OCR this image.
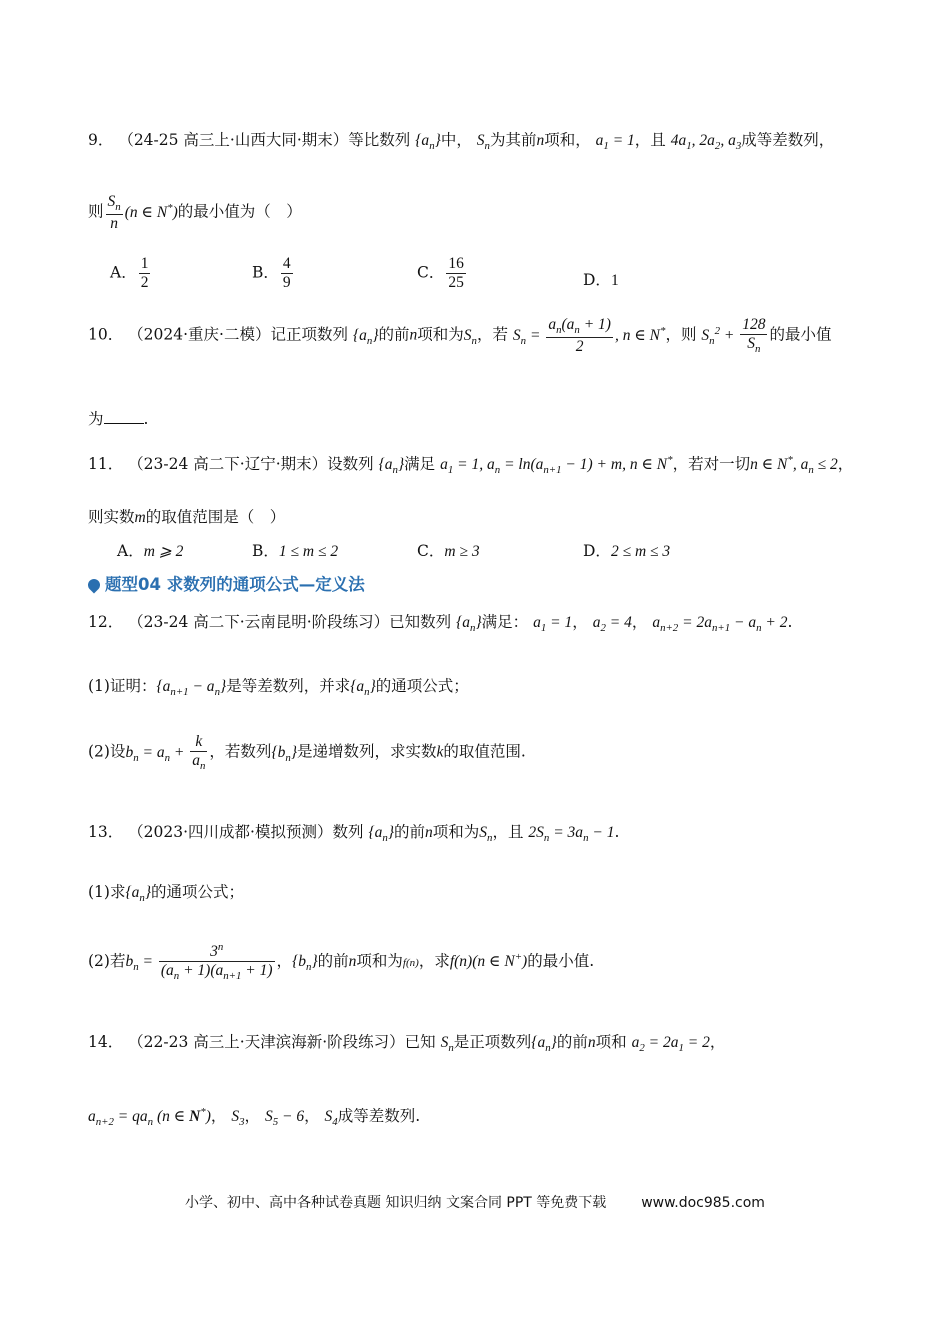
9． （24-25 高三上·山西大同·期末）等比数列 $\{a_n\}$中， $S_n$为其前n项和， $a_1 = 1$，且 $4a_1$, $2a_2$, $a_3$成等差数列，
则 $\frac{S_n}{n} (n$ ∈ N*)的最小值为（　）
A． $\frac{1}{2}$	B． $\frac{4}{9}$	C． $\frac{16}{25}$	D．1
10． （2024·重庆·二模）记正项数列 $\{a_n\}$的前n项和为$S_n$，若 $S_n = \frac{a_n(a_n + 1)}{2}$ , n ∈ N*，则 $S_n^2 + \frac{128}{S_n}$ 的最小值
为	.
11． （23-24 高二下·辽宁·期末）设数列 $\{a_n\}$满足 $a_1 = 1$, $a_n = \ln(a_{n+1} - 1) + m$, n ∈ N*，若对一切n ∈ N*, $a_n \le 2$，
则实数m的取值范围是（　）
A．m ⩾ 2	B．1 ≤ m ≤ 2	C．m ≥ 3	D．2 ≤ m ≤ 3
题型04 求数列的通项公式—定义法
12． （23-24 高二下·云南昆明·阶段练习）已知数列 $\{a_n\}$满足： $a_1 = 1$， $a_2 = 4$， $a_{n+2} = 2a_{n+1} - a_n + 2$.
(1)证明：$\{a_{n+1} - a_n\}$是等差数列，并求$\{a_n\}$的通项公式；
(2)设$b_n = a_n + \frac{k}{a_n}$ ，若数列$\{b_n\}$是递增数列，求实数k的取值范围.
13． （2023·四川成都·模拟预测）数列 $\{a_n\}$的前n项和为$S_n$，且 $2S_n = 3a_n - 1$.
(1)求$\{a_n\}$的通项公式；
(2)若$b_n = \frac{3^n}{(a_n + 1)(a_{n+1} + 1)}$ ，$\{b_n\}$的前n项和为f(n)，求f(n)(n ∈ N+)的最小值.
14． （22-23 高三上·天津滨海新·阶段练习）已知 $S_n$是正项数列$\{a_n\}$的前n项和 $a_2 = 2a_1 = 2$，
$a_{n+2} = qa_n$ (n ∈ N*)， $S_3$， $S_5 - 6$， $S_4$成等差数列.
小学、初中、高中各种试卷真题 知识归纳 文案合同 PPT 等免费下载 www.doc985.com
